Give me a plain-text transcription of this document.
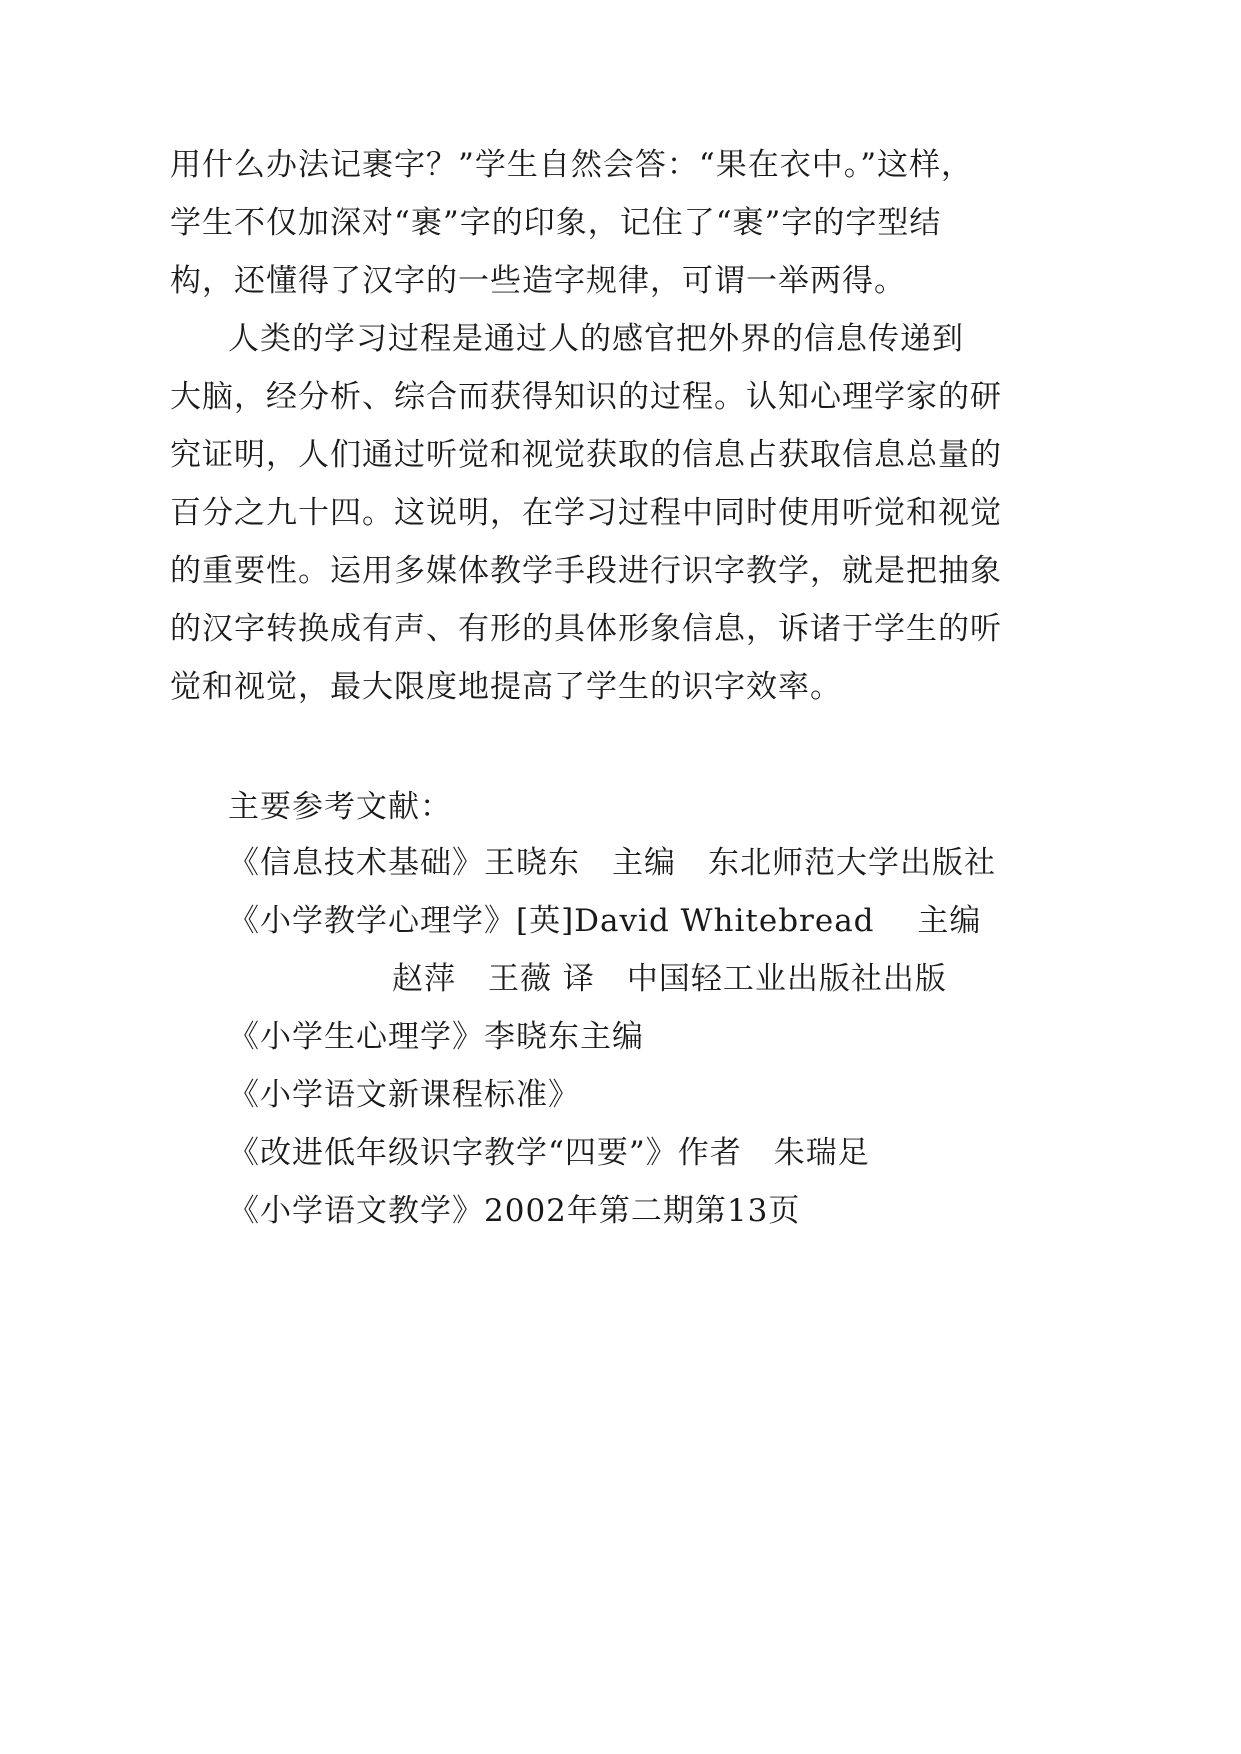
用什么办法记裹字？”学生自然会答：“果在衣中。”这样，
学生不仅加深对“裹”字的印象，记住了“裹”字的字型结
构，还懂得了汉字的一些造字规律，可谓一举两得。
人类的学习过程是通过人的感官把外界的信息传递到
大脑，经分析、综合而获得知识的过程。认知心理学家的研
究证明，人们通过听觉和视觉获取的信息占获取信息总量的
百分之九十四。这说明，在学习过程中同时使用听觉和视觉
的重要性。运用多媒体教学手段进行识字教学，就是把抽象
的汉字转换成有声、有形的具体形象信息，诉诸于学生的听
觉和视觉，最大限度地提高了学生的识字效率。
主要参考文献：
《信息技术基础》王晓东　主编　东北师范大学出版社
《小学教学心理学》[英]David Whitebread　 主编
赵萍　王薇 译　中国轻工业出版社出版
《小学生心理学》李晓东主编
《小学语文新课程标准》
《改进低年级识字教学“四要”》作者　朱瑞足
《小学语文教学》2002年第二期第13页
